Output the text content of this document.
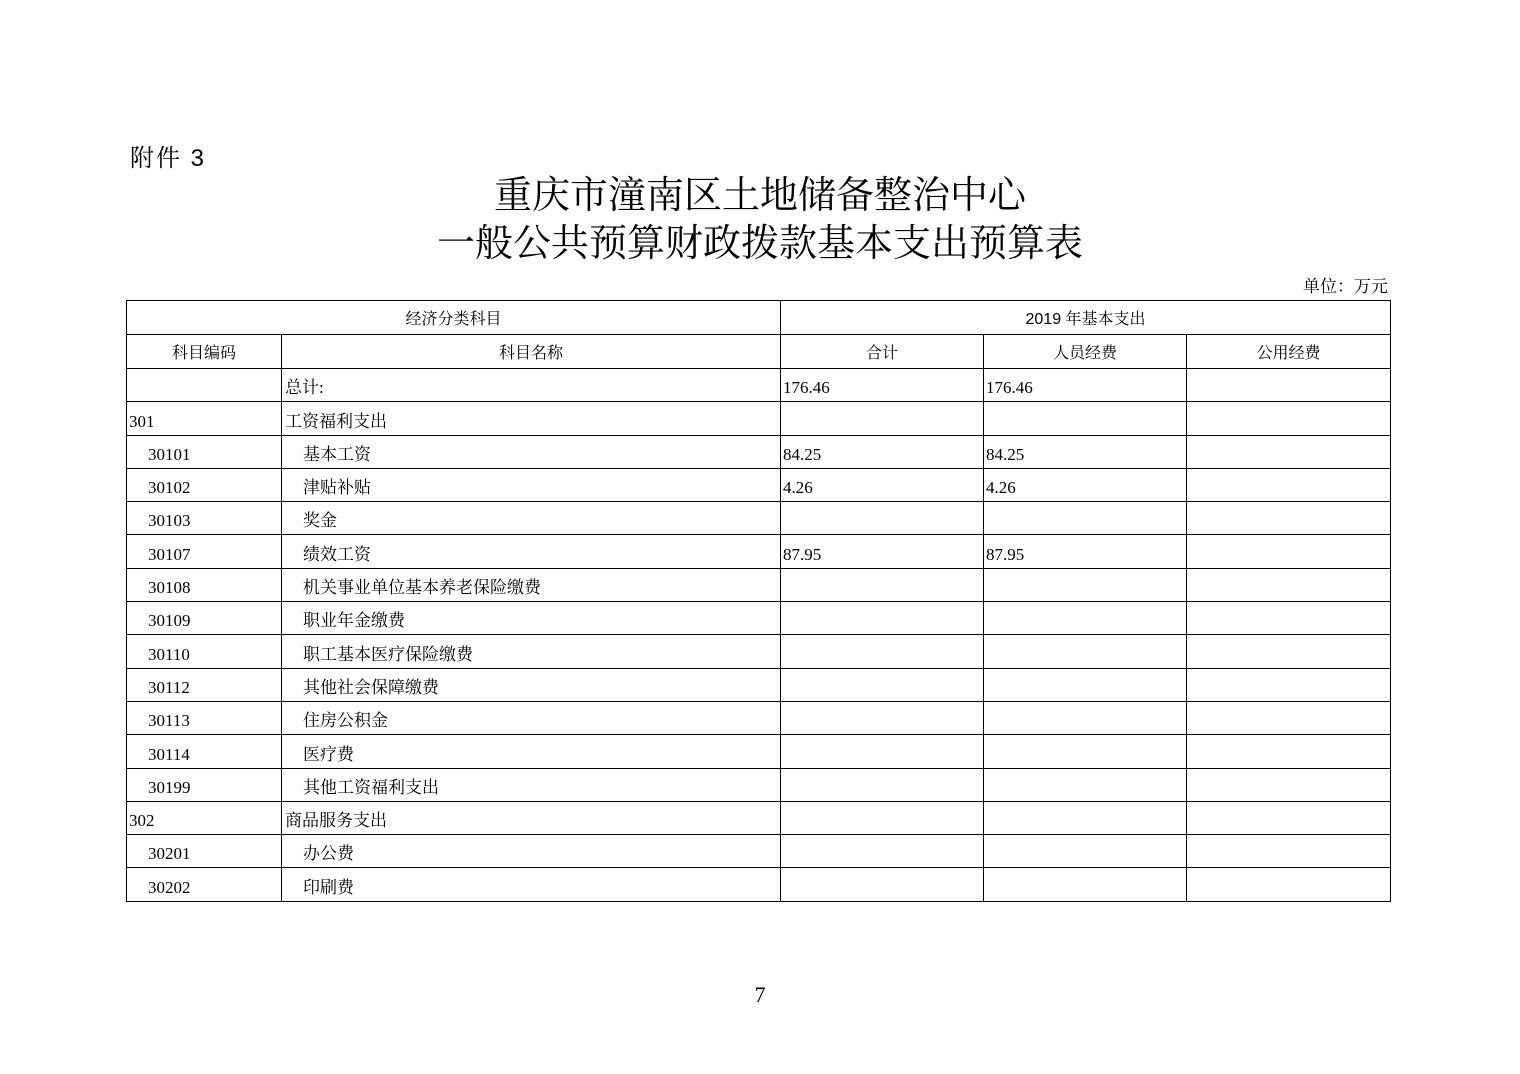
附件 3
重庆市潼南区土地储备整治中心
一般公共预算财政拨款基本支出预算表
单位：万元
经济分类科目		2019 年基本支出		
科目编码	科目名称	合计	人员经费	公用经费
	总计:	176.46	176.46	
301	工资福利支出			
30101	基本工资	84.25	84.25	
30102	津贴补贴	4.26	4.26	
30103	奖金			
30107	绩效工资	87.95	87.95	
30108	机关事业单位基本养老保险缴费			
30109	职业年金缴费			
30110	职工基本医疗保险缴费			
30112	其他社会保障缴费			
30113	住房公积金			
30114	医疗费			
30199	其他工资福利支出			
302	商品服务支出			
30201	办公费			
30202	印刷费			
7
